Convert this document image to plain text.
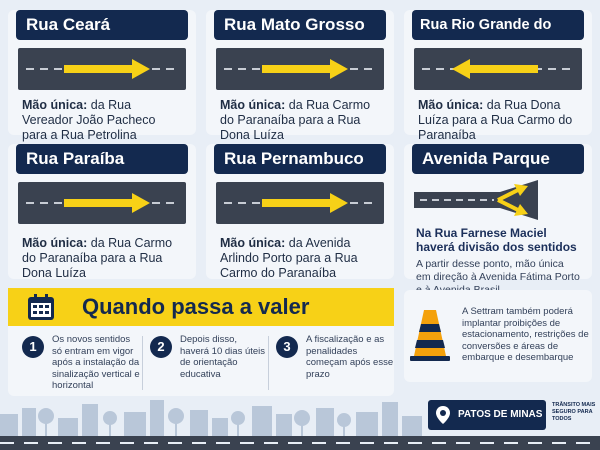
Rua Ceará
Mão única: da Rua Vereador João Pacheco para a Rua Petrolina
Rua Mato Grosso
Mão única: da Rua Carmo do Paranaíba para a Rua Dona Luíza
Rua Rio Grande do
Mão única: da Rua Dona Luíza para a Rua Carmo do Paranaíba
Rua Paraíba
Mão única: da Rua Carmo do Paranaíba para a Rua Dona Luíza
Rua Pernambuco
Mão única: da Avenida Arlindo Porto para a Rua Carmo do Paranaíba
Avenida Parque
Na Rua Farnese Maciel haverá divisão dos sentidos
A partir desse ponto, mão única em direção à Avenida Fátima Porto
Quando passa a valer
1	Os novos sentidos só entram em vigor após a instalação da sinalização vertical e horizontal
2	Depois disso, haverá 10 dias úteis de orientação educativa
3	A fiscalização e as penalidades começam após esse prazo
A Settram também poderá implantar proibições de estacionamento, restrições de conversões e áreas de embarque e desembarque
PATOS DE MINAS
TRÂNSITO MAIS SEGURO PARA TODOS
